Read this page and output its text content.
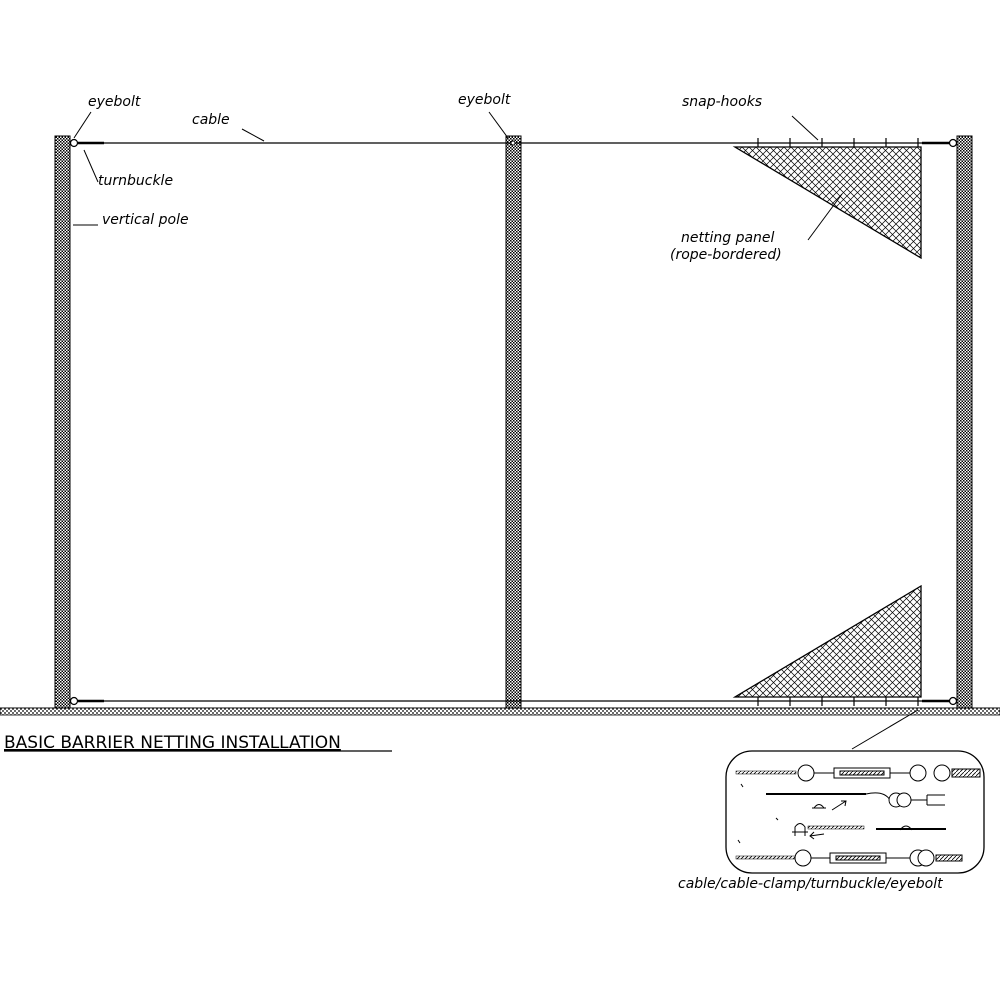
eyebolt
cable
eyebolt	snap-hooks
turnbuckle
vertical pole
netting panel
(rope-bordered)
BASIC BARRIER NETTING INSTALLATION
cable/cable-clamp/turnbuckle/eyebolt
